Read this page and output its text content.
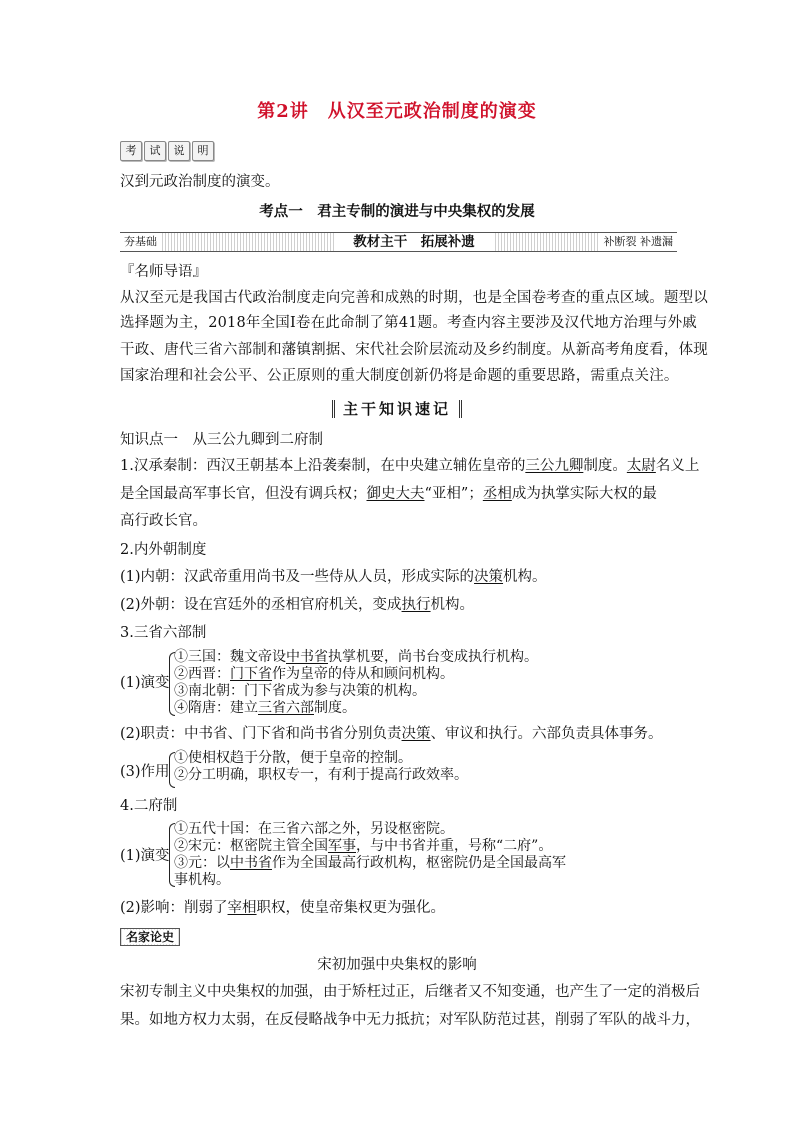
第2讲　从汉至元政治制度的演变
考 试 说 明
汉到元政治制度的演变。
考点一　君主专制的演进与中央集权的发展
夯基础	教材主干　拓展补遗	补断裂 补遗漏
『名师导语』
从汉至元是我国古代政治制度走向完善和成熟的时期，也是全国卷考查的重点区域。题型以
选择题为主，2018年全国Ⅰ卷在此命制了第41题。考查内容主要涉及汉代地方治理与外戚
干政、唐代三省六部制和藩镇割据、宋代社会阶层流动及乡约制度。从新高考角度看，体现
国家治理和社会公平、公正原则的重大制度创新仍将是命题的重要思路，需重点关注。
主干知识速记
知识点一　从三公九卿到二府制
1.汉承秦制：西汉王朝基本上沿袭秦制，在中央建立辅佐皇帝的三公九卿制度。太尉名义上
是全国最高军事长官，但没有调兵权；御史大夫“亚相”；丞相成为执掌实际大权的最
高行政长官。
2.内外朝制度
(1)内朝：汉武帝重用尚书及一些侍从人员，形成实际的决策机构。
(2)外朝：设在宫廷外的丞相官府机关，变成执行机构。
3.三省六部制
(1)演变
①三国：魏文帝设中书省执掌机要，尚书台变成执行机构。
②西晋：门下省作为皇帝的侍从和顾问机构。
③南北朝：门下省成为参与决策的机构。
④隋唐：建立三省六部制度。
(2)职责：中书省、门下省和尚书省分别负责决策、审议和执行。六部负责具体事务。
(3)作用
①使相权趋于分散，便于皇帝的控制。
②分工明确，职权专一，有利于提高行政效率。
4.二府制
(1)演变
①五代十国：在三省六部之外，另设枢密院。
②宋元：枢密院主管全国军事，与中书省并重，号称“二府”。
③元：以中书省作为全国最高行政机构，枢密院仍是全国最高军
事机构。
(2)影响：削弱了宰相职权，使皇帝集权更为强化。
名家论史
宋初加强中央集权的影响
宋初专制主义中央集权的加强，由于矫枉过正，后继者又不知变通，也产生了一定的消极后
果。如地方权力太弱，在反侵略战争中无力抵抗；对军队防范过甚，削弱了军队的战斗力，
